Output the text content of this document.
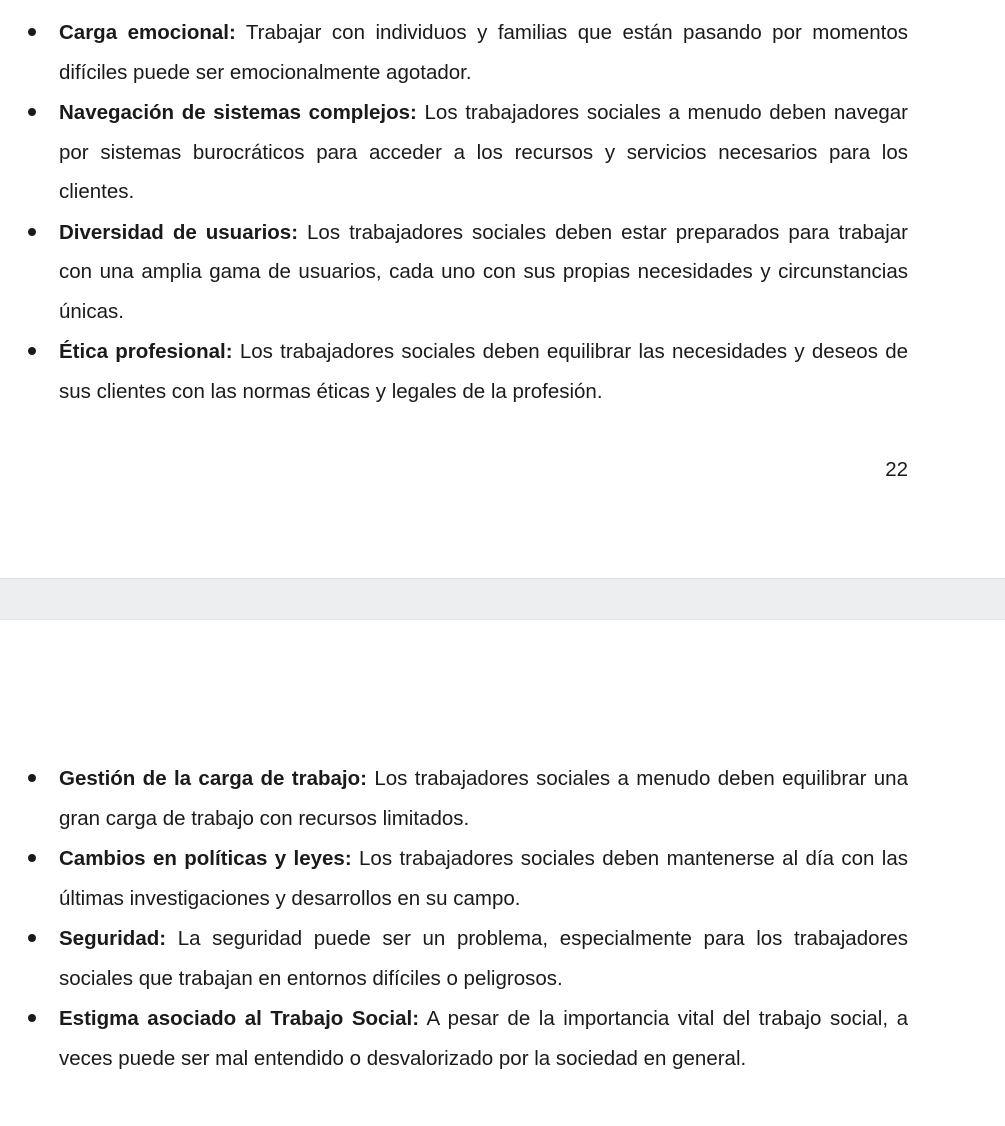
Carga emocional: Trabajar con individuos y familias que están pasando por momentos difíciles puede ser emocionalmente agotador.
Navegación de sistemas complejos: Los trabajadores sociales a menudo deben navegar por sistemas burocráticos para acceder a los recursos y servicios necesarios para los clientes.
Diversidad de usuarios: Los trabajadores sociales deben estar preparados para trabajar con una amplia gama de usuarios, cada uno con sus propias necesidades y circunstancias únicas.
Ética profesional: Los trabajadores sociales deben equilibrar las necesidades y deseos de sus clientes con las normas éticas y legales de la profesión.
22
Gestión de la carga de trabajo: Los trabajadores sociales a menudo deben equilibrar una gran carga de trabajo con recursos limitados.
Cambios en políticas y leyes: Los trabajadores sociales deben mantenerse al día con las últimas investigaciones y desarrollos en su campo.
Seguridad: La seguridad puede ser un problema, especialmente para los trabajadores sociales que trabajan en entornos difíciles o peligrosos.
Estigma asociado al Trabajo Social: A pesar de la importancia vital del trabajo social, a veces puede ser mal entendido o desvalorizado por la sociedad en general.
